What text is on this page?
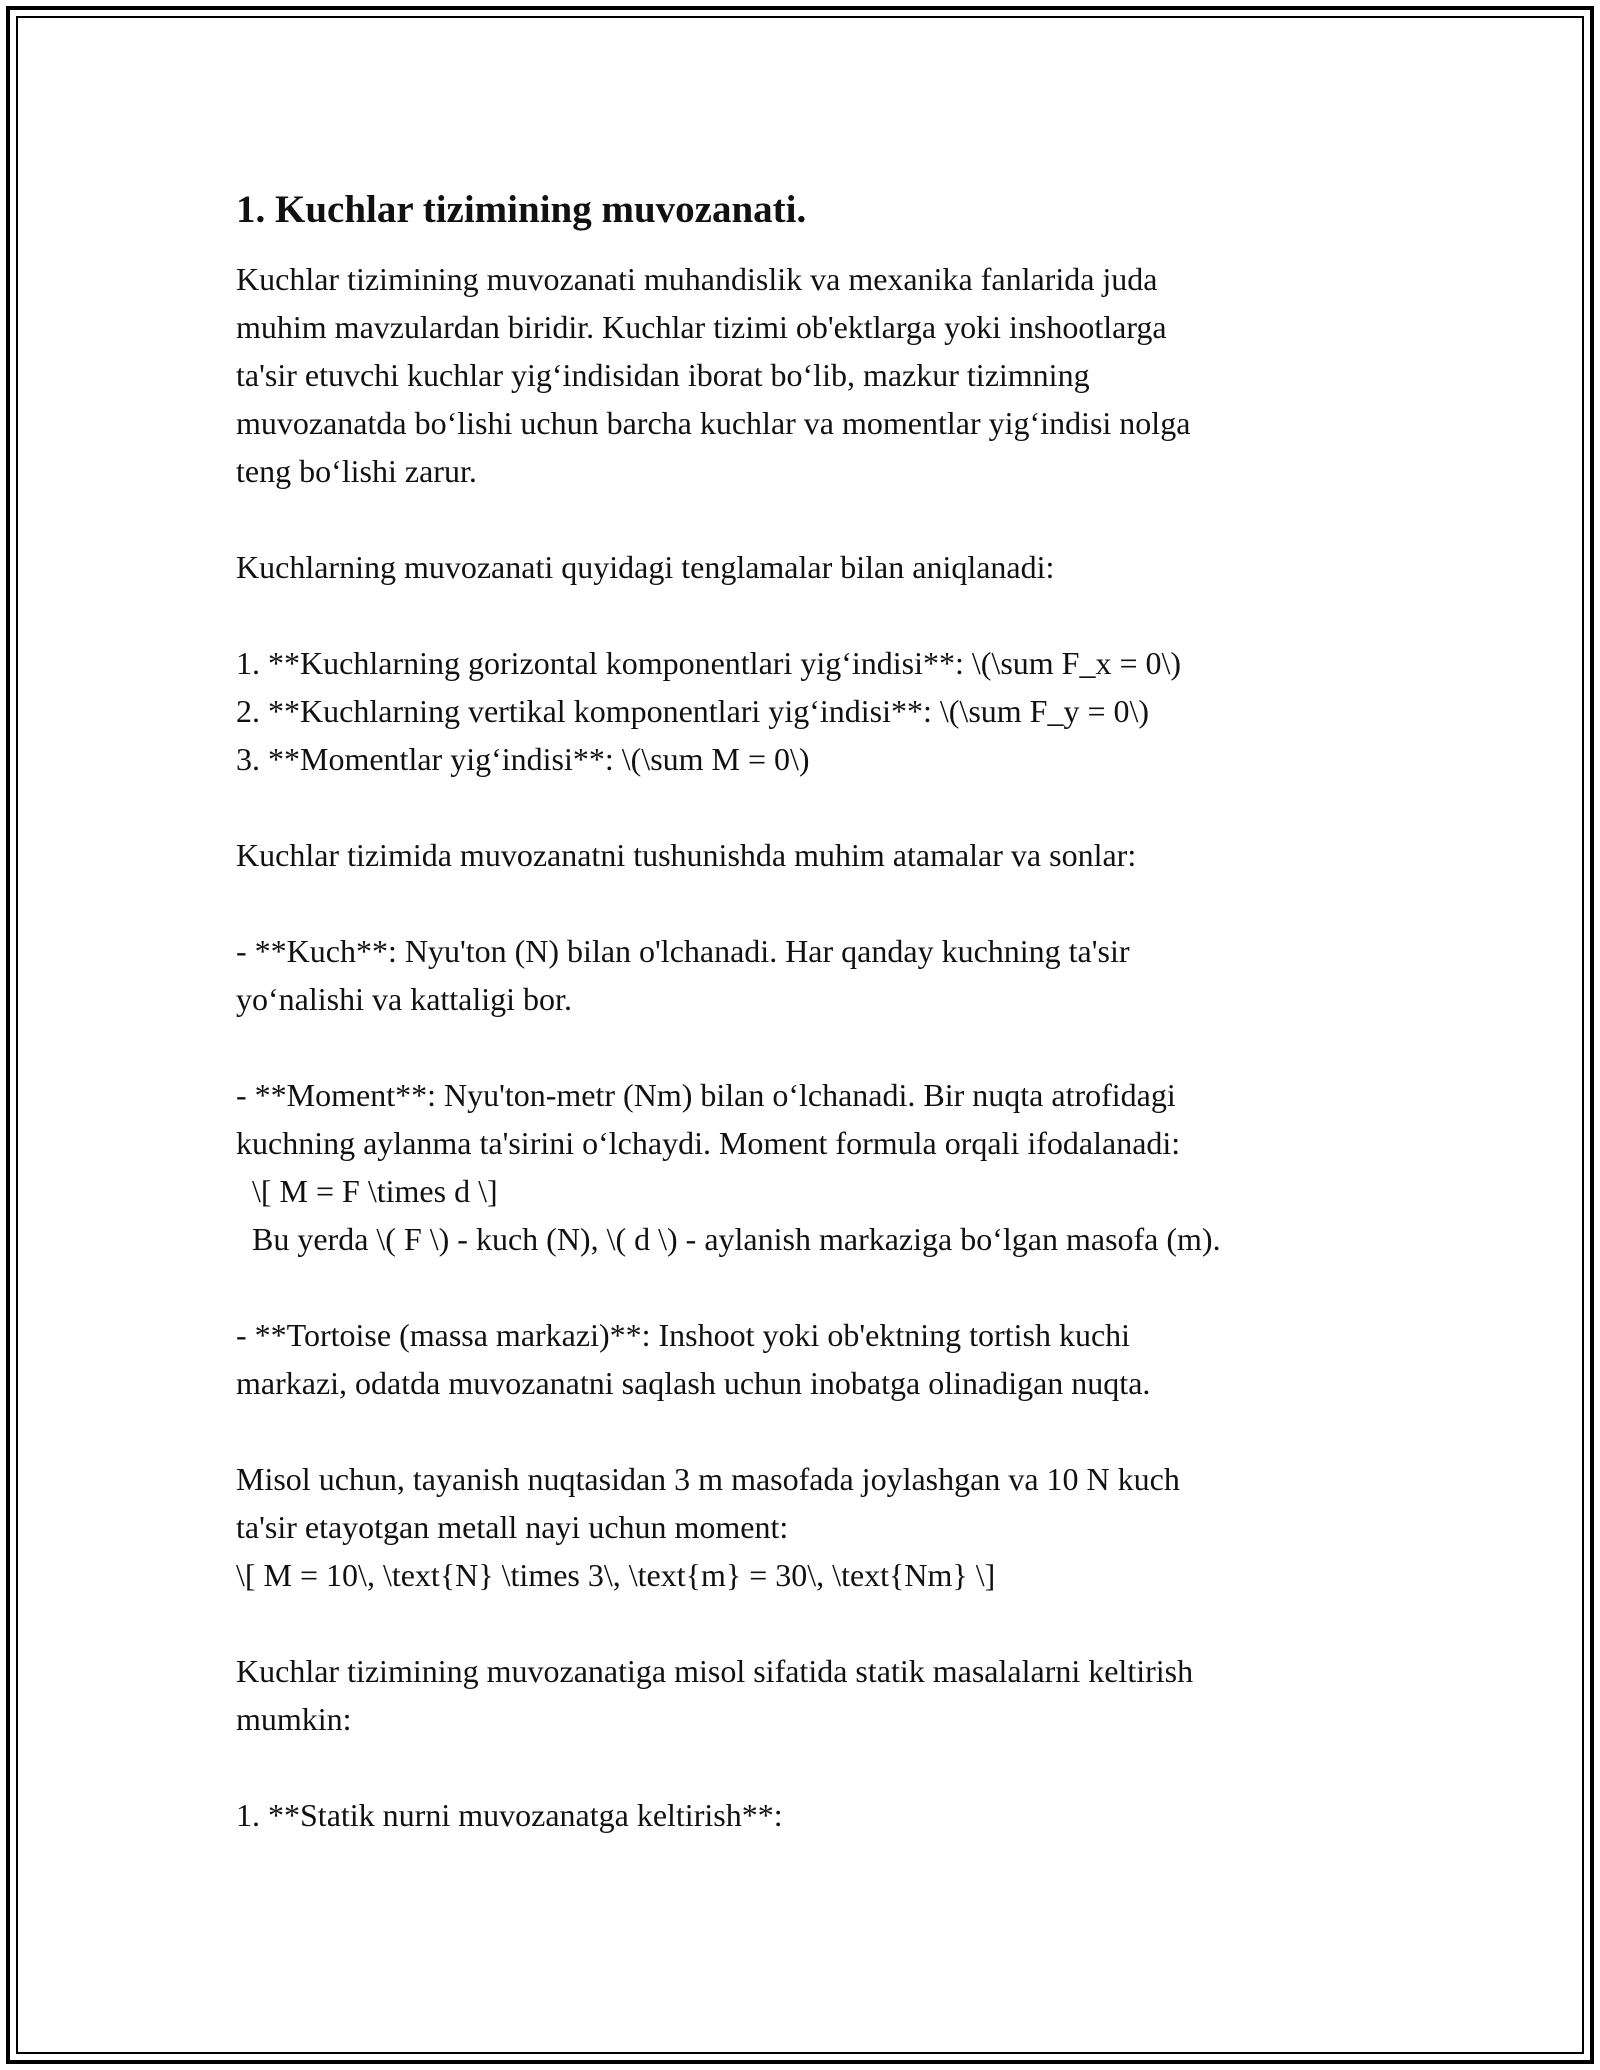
1. Kuchlar tizimining muvozanati.
Kuchlar tizimining muvozanati muhandislik va mexanika fanlarida juda
muhim mavzulardan biridir. Kuchlar tizimi ob'ektlarga yoki inshootlarga
ta'sir etuvchi kuchlar yig‘indisidan iborat bo‘lib, mazkur tizimning
muvozanatda bo‘lishi uchun barcha kuchlar va momentlar yig‘indisi nolga
teng bo‘lishi zarur.
Kuchlarning muvozanati quyidagi tenglamalar bilan aniqlanadi:
1. **Kuchlarning gorizontal komponentlari yig‘indisi**: \(\sum F_x = 0\)
2. **Kuchlarning vertikal komponentlari yig‘indisi**: \(\sum F_y = 0\)
3. **Momentlar yig‘indisi**: \(\sum M = 0\)
Kuchlar tizimida muvozanatni tushunishda muhim atamalar va sonlar:
- **Kuch**: Nyu'ton (N) bilan o'lchanadi. Har qanday kuchning ta'sir
yo‘nalishi va kattaligi bor.
- **Moment**: Nyu'ton-metr (Nm) bilan o‘lchanadi. Bir nuqta atrofidagi
kuchning aylanma ta'sirini o‘lchaydi. Moment formula orqali ifodalanadi:
\[ M = F \times d \]
Bu yerda \( F \) - kuch (N), \( d \) - aylanish markaziga bo‘lgan masofa (m).
- **Tortoise (massa markazi)**: Inshoot yoki ob'ektning tortish kuchi
markazi, odatda muvozanatni saqlash uchun inobatga olinadigan nuqta.
Misol uchun, tayanish nuqtasidan 3 m masofada joylashgan va 10 N kuch
ta'sir etayotgan metall nayi uchun moment:
\[ M = 10\, \text{N} \times 3\, \text{m} = 30\, \text{Nm} \]
Kuchlar tizimining muvozanatiga misol sifatida statik masalalarni keltirish
mumkin:
1. **Statik nurni muvozanatga keltirish**:
